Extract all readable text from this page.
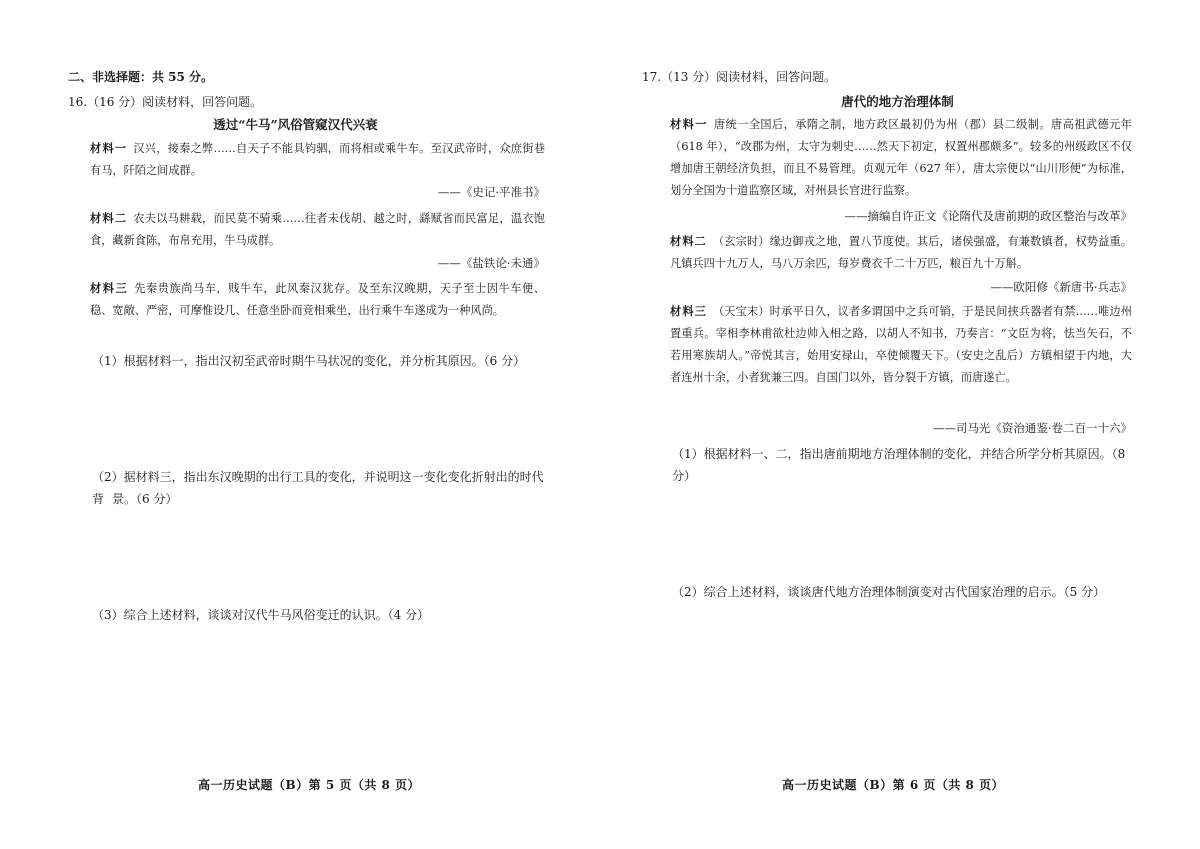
二、非选择题：共 55 分。
16.（16 分）阅读材料，回答问题。
透过“牛马”风俗管窥汉代兴衰
材料一 汉兴，接秦之弊……自天子不能具钧驷，而将相或乘牛车。至汉武帝时，众庶街巷有马，阡陌之间成群。
——《史记·平准书》
材料二 农夫以马耕载，而民莫不骑乘……往者未伐胡、越之时，繇赋省而民富足，温衣饱食，藏新食陈，布帛充用，牛马成群。
——《盐铁论·未通》
材料三 先秦贵族尚马车，贱牛车，此风秦汉犹存。及至东汉晚期，天子至士因牛车便、稳、宽敞、严密，可摩惟设几、任意坐卧而竞相乘坐，出行乘牛车遂成为一种风尚。
（1）根据材料一，指出汉初至武帝时期牛马状况的变化，并分析其原因。（6 分）
（2）据材料三，指出东汉晚期的出行工具的变化，并说明这一变化变化折射出的时代背 景。（6 分）
（3）综合上述材料，谈谈对汉代牛马风俗变迁的认识。（4 分）
高一历史试题（B）第 5 页（共 8 页）
17.（13 分）阅读材料，回答问题。
唐代的地方治理体制
材料一 唐统一全国后，承隋之制，地方政区最初仍为州（郡）县二级制。唐高祖武德元年（618 年），“改郡为州，太守为刺史……然天下初定，权置州郡颇多”。较多的州级政区不仅增加唐王朝经济负担，而且不易管理。贞观元年（627 年），唐太宗便以“山川形便”为标准，划分全国为十道监察区域，对州县长官进行监察。
——摘编自许正文《论隋代及唐前期的政区整治与改革》
材料二 （玄宗时）缘边御戎之地，置八节度使。其后，诸侯强盛，有兼数镇者，权势益重。凡镇兵四十九万人，马八万余匹，每岁费衣千二十万匹，粮百九十万斛。
——欧阳修《新唐书·兵志》
材料三 （天宝末）时承平日久，议者多谓国中之兵可销，于是民间挟兵器者有禁……唯边州置重兵。宰相李林甫欲杜边帅入相之路，以胡人不知书，乃奏言：“文臣为将，怯当矢石，不若用寒族胡人。”帝悦其言，始用安禄山，卒使倾覆天下。（安史之乱后）方镇相望于内地，大者连州十余，小者犹兼三四。自国门以外，皆分裂于方镇，而唐遂亡。
——司马光《资治通鉴·卷二百一十六》
（1）根据材料一、二，指出唐前期地方治理体制的变化，并结合所学分析其原因。（8 分）
（2）综合上述材料，谈谈唐代地方治理体制演变对古代国家治理的启示。（5 分）
高一历史试题（B）第 6 页（共 8 页）
